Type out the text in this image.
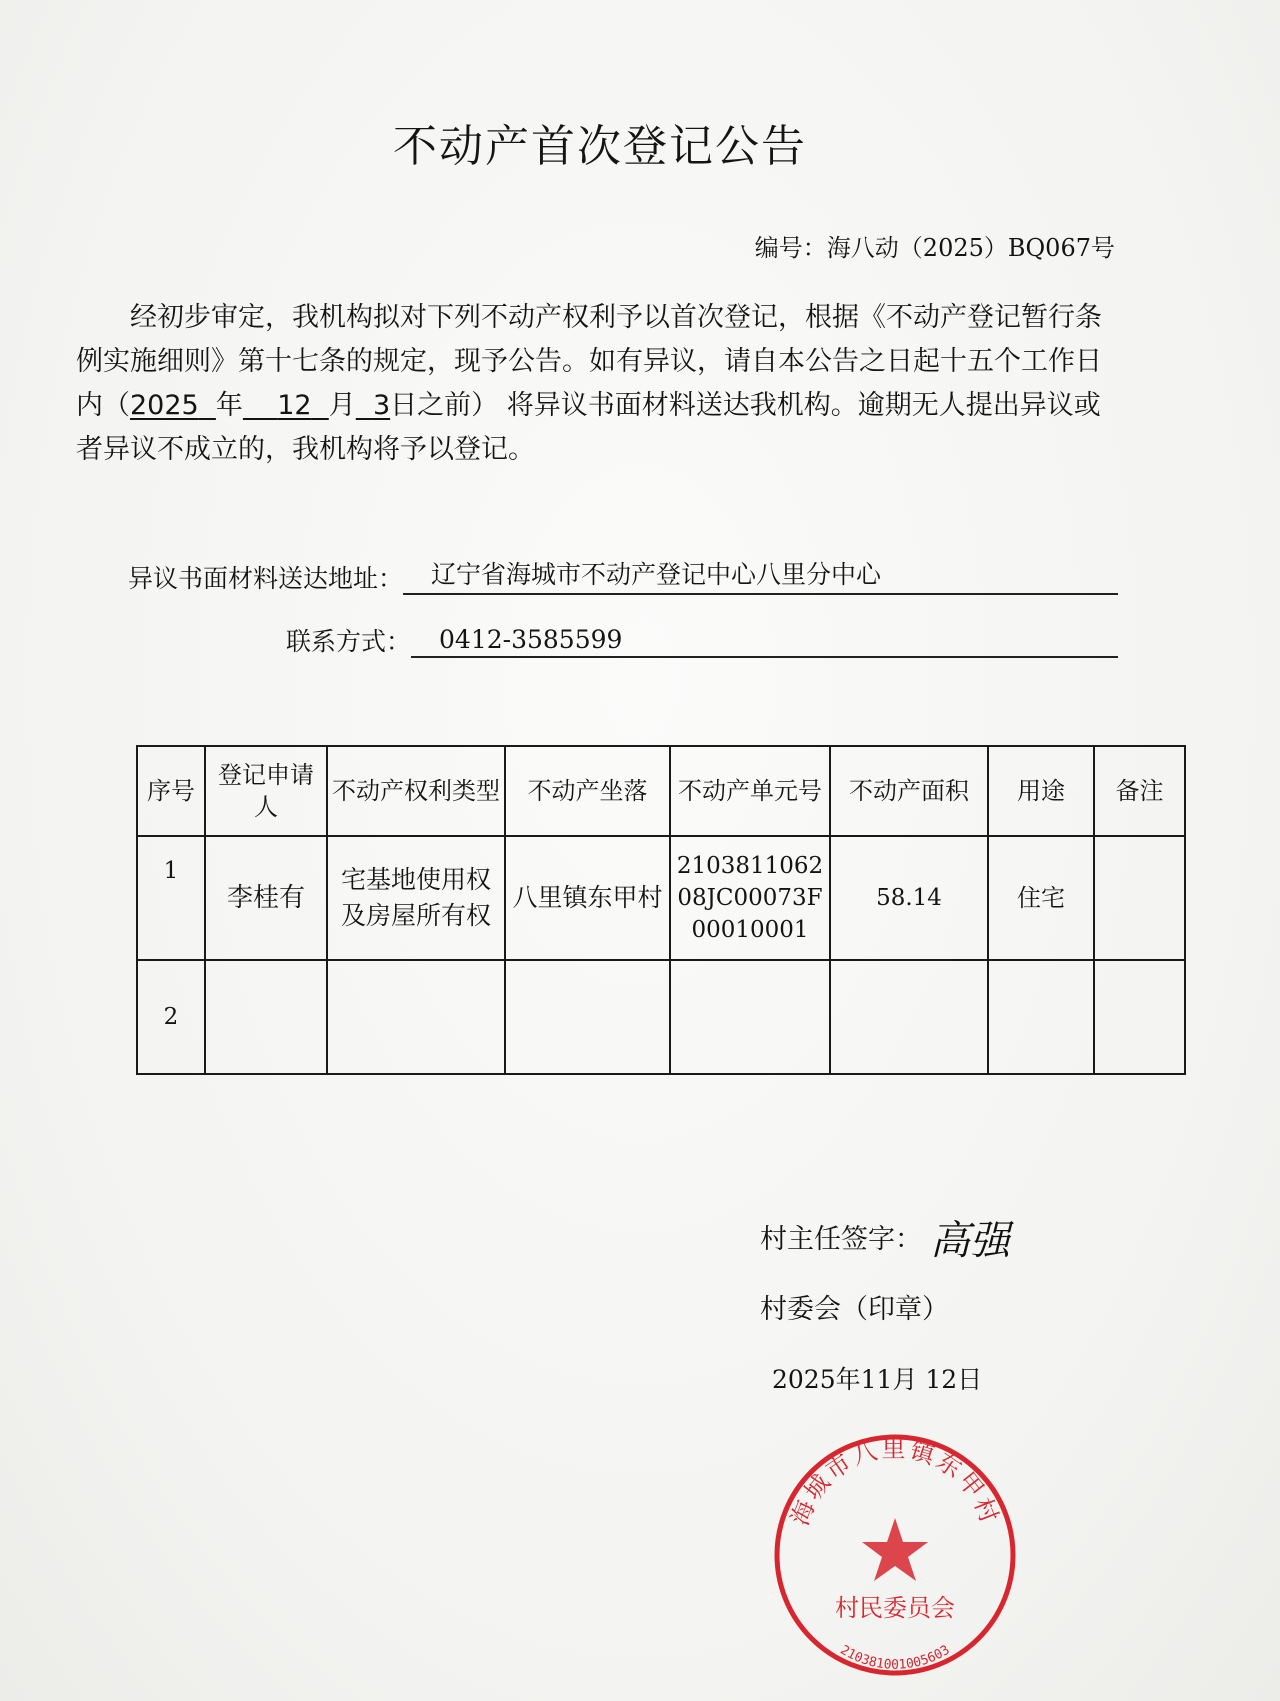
不动产首次登记公告
编号：海八动（2025）BQ067号
经初步审定，我机构拟对下列不动产权利予以首次登记，根据《不动产登记暂行条例实施细则》第十七条的规定，现予公告。如有异议，请自本公告之日起十五个工作日内（2025 年 12 月 3日之前） 将异议书面材料送达我机构。逾期无人提出异议或者异议不成立的，我机构将予以登记。
异议书面材料送达地址：	辽宁省海城市不动产登记中心八里分中心
联系方式：	0412-3585599
序号	登记申请人	不动产权利类型	不动产坐落	不动产单元号	不动产面积	用途	备注
1	李桂有	宅基地使用权及房屋所有权	八里镇东甲村	210381106208JC00073F00010001	58.14	住宅	
2							
村主任签字： 高强
村委会（印章）
2025年11月 12日
海城市八里镇东甲村
村民委员会
210381001005603
